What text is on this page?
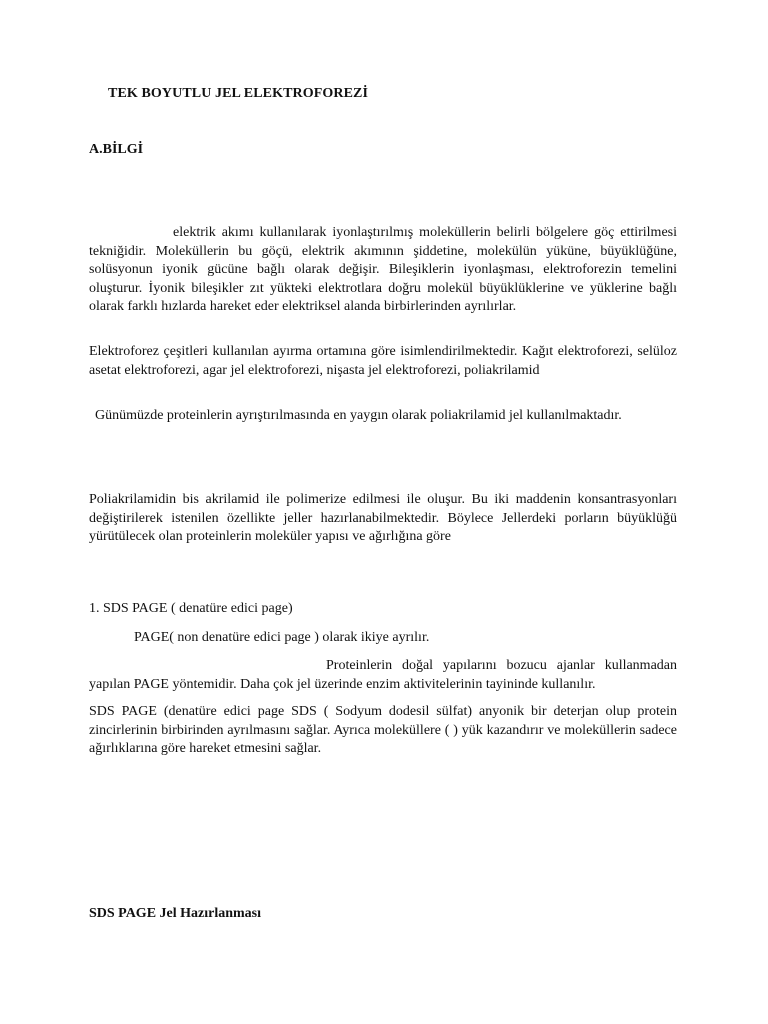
TEK BOYUTLU JEL ELEKTROFOREZİ
A.BİLGİ

elektrik akımı kullanılarak iyonlaştırılmış moleküllerin belirli bölgelere göç ettirilmesi tekniğidir. Moleküllerin bu göçü, elektrik akımının şiddetine, molekülün yüküne, büyüklüğüne, solüsyonun iyonik gücüne bağlı olarak değişir. Bileşiklerin iyonlaşması, elektroforezin temelini oluşturur. İyonik bileşikler zıt yükteki elektrotlara doğru molekül büyüklüklerine ve yüklerine bağlı olarak farklı hızlarda hareket eder elektriksel alanda birbirlerinden ayrılırlar.

Elektroforez çeşitleri kullanılan ayırma ortamına göre isimlendirilmektedir. Kağıt elektroforezi, selüloz asetat elektroforezi, agar jel elektroforezi, nişasta jel elektroforezi, poliakrilamid

Günümüzde proteinlerin ayrıştırılmasında en yaygın olarak poliakrilamid jel kullanılmaktadır.

Poliakrilamidin bis akrilamid ile polimerize edilmesi ile oluşur. Bu iki maddenin konsantrasyonları değiştirilerek istenilen özellikte jeller hazırlanabilmektedir. Böylece Jellerdeki porların büyüklüğü yürütülecek olan proteinlerin moleküler yapısı ve ağırlığına göre

1. SDS PAGE ( denatüre edici page)

PAGE( non denatüre edici page ) olarak ikiye ayrılır.

Proteinlerin doğal yapılarını bozucu ajanlar kullanmadan yapılan PAGE yöntemidir. Daha çok jel üzerinde enzim aktivitelerinin tayininde kullanılır.

SDS PAGE (denatüre edici page SDS ( Sodyum dodesil sülfat) anyonik bir deterjan olup protein zincirlerinin birbirinden ayrılmasını sağlar. Ayrıca moleküllere ( ) yük kazandırır ve moleküllerin sadece ağırlıklarına göre hareket etmesini sağlar.

SDS PAGE Jel Hazırlanması
